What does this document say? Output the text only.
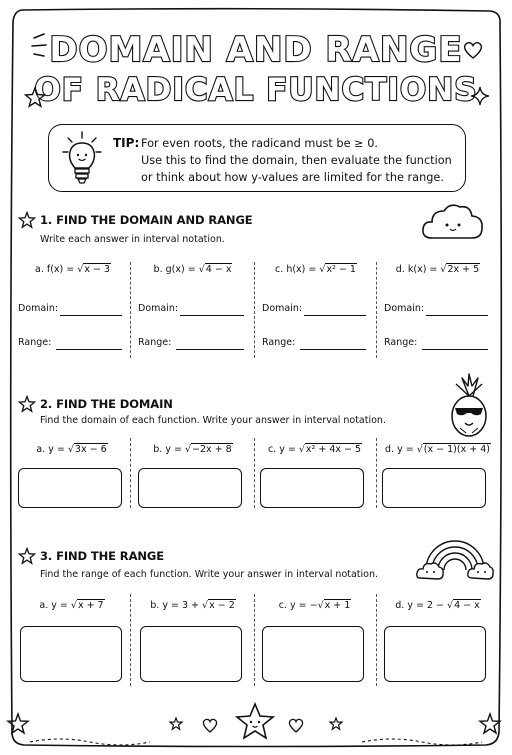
DOMAIN AND RANGE
OF RADICAL FUNCTIONS
TIP: For even roots, the radicand must be ≥ 0.
Use this to find the domain, then evaluate the function
or think about how y-values are limited for the range.
1. FIND THE DOMAIN AND RANGE
Write each answer in interval notation.
a. f(x) = √x − 3	b. g(x) = √4 − x	c. h(x) = √x² − 1	d. k(x) = √2x + 5
Domain:	Domain:	Domain:	Domain:
Range:	Range:	Range:	Range:
2. FIND THE DOMAIN
Find the domain of each function. Write your answer in interval notation.
a. y = √3x − 6	b. y = √−2x + 8	c. y = √x² + 4x − 5	d. y = √(x − 1)(x + 4)
3. FIND THE RANGE
Find the range of each function. Write your answer in interval notation.
a. y = √x + 7	b. y = 3 + √x − 2	c. y = −√x + 1	d. y = 2 − √4 − x
